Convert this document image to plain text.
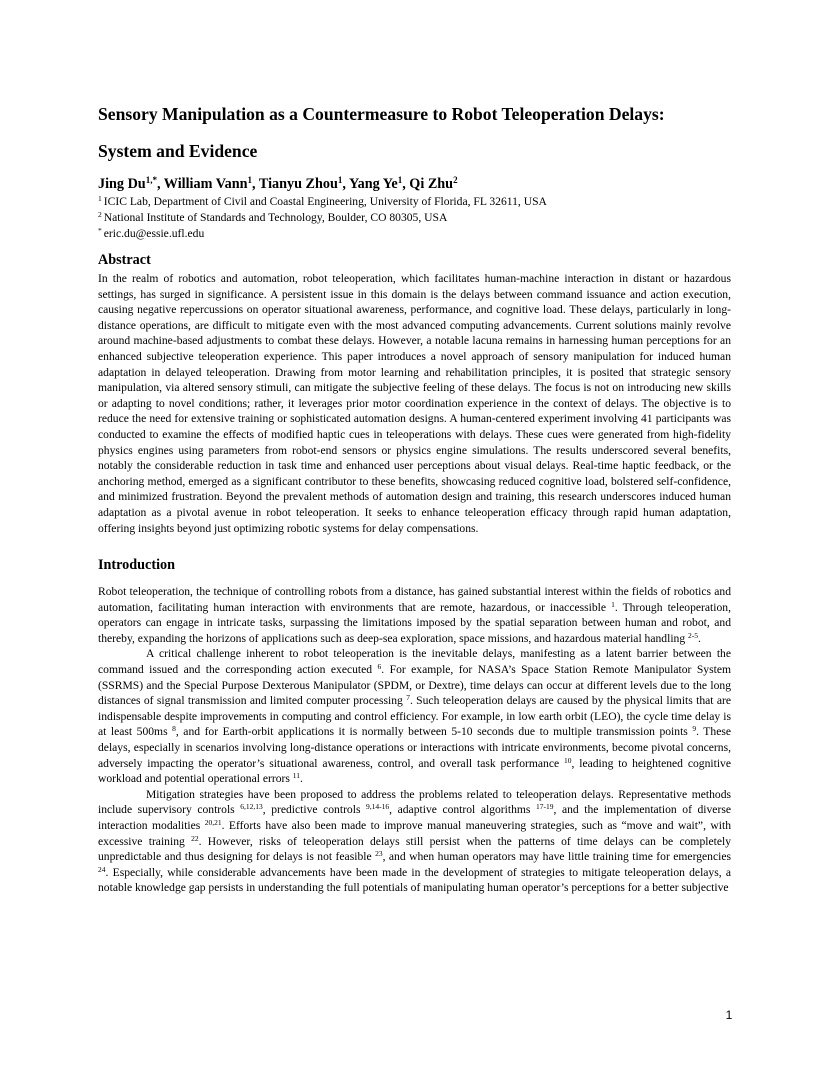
Sensory Manipulation as a Countermeasure to Robot Teleoperation Delays:
System and Evidence
Jing $Du^{1,*}$, William Vann$^1$, Tianyu Zhou$^1$, Yang Ye$^1$, Qi Zhu$^2$
$^1$ ICIC Lab, Department of Civil and Coastal Engineering, University of Florida, FL 32611, USA
$^2$ National Institute of Standards and Technology, Boulder, CO 80305, USA
* eric.du@essie.ufl.edu
Abstract

In the realm of robotics and automation, robot teleoperation, which facilitates human-machine interaction in distant or hazardous settings, has surged in significance. A persistent issue in this domain is the delays between command issuance and action execution, causing negative repercussions on operator situational awareness, performance, and cognitive load. These delays, particularly in long-distance operations, are difficult to mitigate even with the most advanced computing advancements. Current solutions mainly revolve around machine-based adjustments to combat these delays. However, a notable lacuna remains in harnessing human perceptions for an enhanced subjective teleoperation experience. This paper introduces a novel approach of sensory manipulation for induced human adaptation in delayed teleoperation. Drawing from motor learning and rehabilitation principles, it is posited that strategic sensory manipulation, via altered sensory stimuli, can mitigate the subjective feeling of these delays. The focus is not on introducing new skills or adapting to novel conditions; rather, it leverages prior motor coordination experience in the context of delays. The objective is to reduce the need for extensive training or sophisticated automation designs. A human-centered experiment involving 41 participants was conducted to examine the effects of modified haptic cues in teleoperations with delays. These cues were generated from high-fidelity physics engines using parameters from robot-end sensors or physics engine simulations. The results underscored several benefits, notably the considerable reduction in task time and enhanced user perceptions about visual delays. Real-time haptic feedback, or the anchoring method, emerged as a significant contributor to these benefits, showcasing reduced cognitive load, bolstered self-confidence, and minimized frustration. Beyond the prevalent methods of automation design and training, this research underscores induced human adaptation as a pivotal avenue in robot teleoperation. It seeks to enhance teleoperation efficacy through rapid human adaptation, offering insights beyond just optimizing robotic systems for delay compensations.

Introduction

Robot teleoperation, the technique of controlling robots from a distance, has gained substantial interest within the fields of robotics and automation, facilitating human interaction with environments that are remote, hazardous, or inaccessible $^1$. Through teleoperation, operators can engage in intricate tasks, surpassing the limitations imposed by the spatial separation between human and robot, and thereby, expanding the horizons of applications such as deep-sea exploration, space missions, and hazardous material handling $^{2-5}$.

A critical challenge inherent to robot teleoperation is the inevitable delays, manifesting as a latent barrier between the command issued and the corresponding action executed $^6$. For example, for NASA’s Space Station Remote Manipulator System (SSRMS) and the Special Purpose Dexterous Manipulator (SPDM, or Dextre), time delays can occur at different levels due to the long distances of signal transmission and limited computer processing $^7$. Such teleoperation delays are caused by the physical limits that are indispensable despite improvements in computing and control efficiency. For example, in low earth orbit (LEO), the cycle time delay is at least 500ms $^8$, and for Earth-orbit applications it is normally between 5-10 seconds due to multiple transmission points $^9$. These delays, especially in scenarios involving long-distance operations or interactions with intricate environments, become pivotal concerns, adversely impacting the operator’s situational awareness, control, and overall task performance $^{10}$, leading to heightened cognitive workload and potential operational errors $^{11}$.

Mitigation strategies have been proposed to address the problems related to teleoperation delays. Representative methods include supervisory controls $^{6,12,13}$, predictive controls $^{9,14-16}$, adaptive control algorithms $^{17-19}$, and the implementation of diverse interaction modalities $^{20,21}$. Efforts have also been made to improve manual maneuvering strategies, such as “move and wait”, with excessive training $^{22}$. However, risks of teleoperation delays still persist when the patterns of time delays can be completely unpredictable and thus designing for delays is not feasible $^{23}$, and when human operators may have little training time for emergencies $^{24}$. Especially, while considerable advancements have been made in the development of strategies to mitigate teleoperation delays, a notable knowledge gap persists in understanding the full potentials of manipulating human operator’s perceptions for a better subjective

1
